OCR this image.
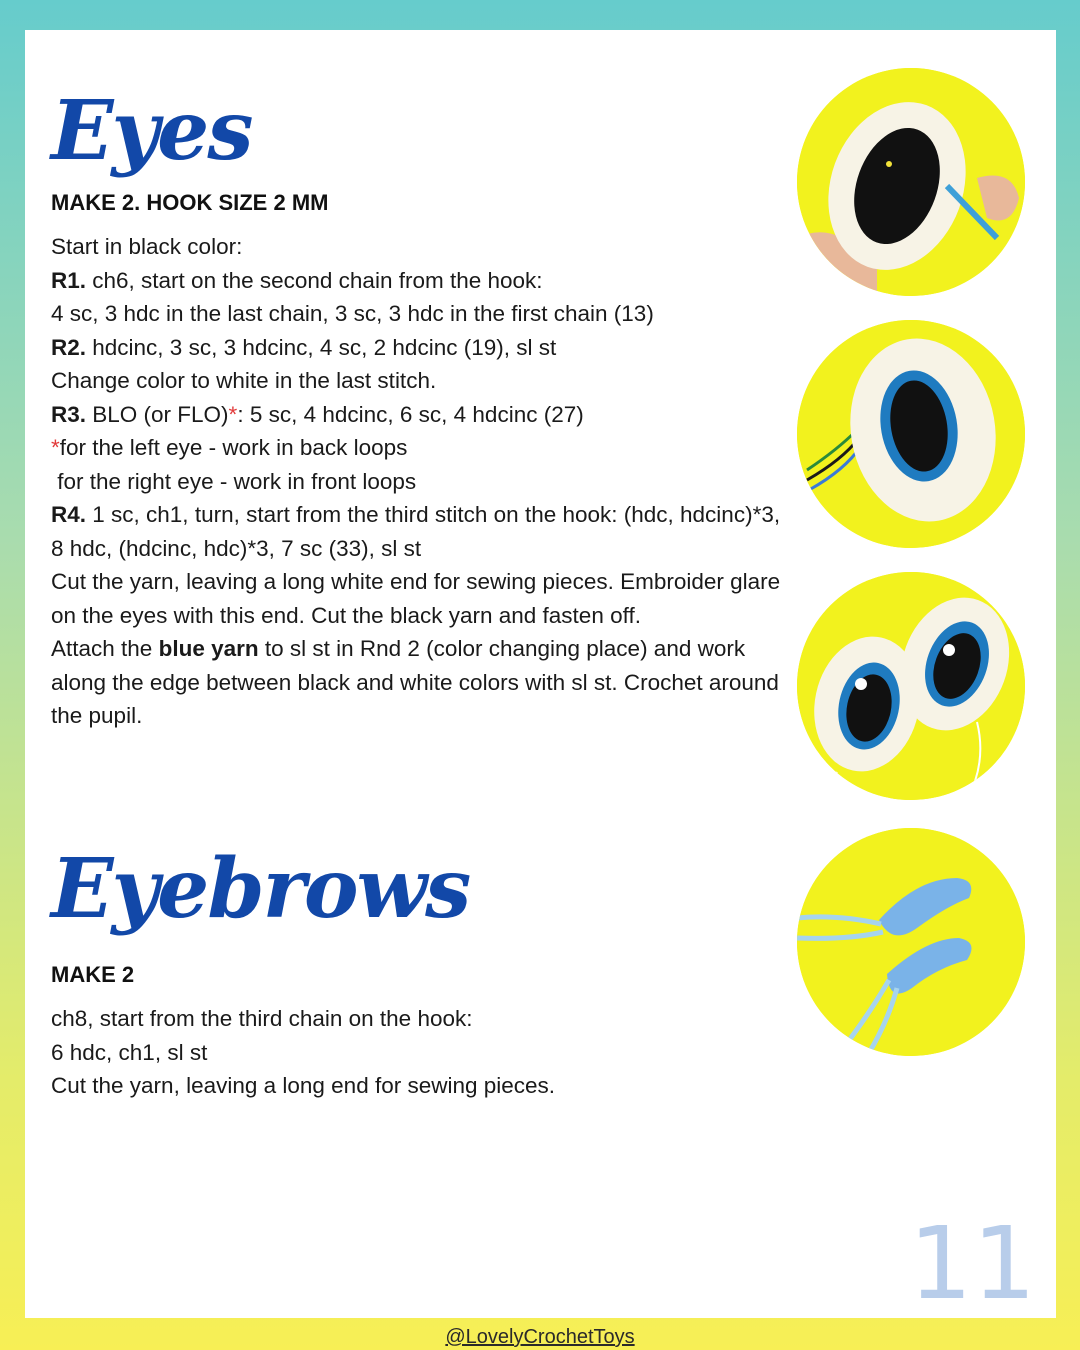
Eyes
MAKE 2. HOOK SIZE 2 MM
Start in black color:
R1. ch6, start on the second chain from the hook:
4 sc, 3 hdc in the last chain, 3 sc, 3 hdc in the first chain (13)
R2. hdcinc, 3 sc, 3 hdcinc, 4 sc, 2 hdcinc (19), sl st
Change color to white in the last stitch.
R3. BLO (or FLO)*: 5 sc, 4 hdcinc, 6 sc, 4 hdcinc (27)
*for the left eye - work in back loops
for the right eye - work in front loops
R4. 1 sc, ch1, turn, start from the third stitch on the hook: (hdc, hdcinc)*3, 8 hdc, (hdcinc, hdc)*3, 7 sc (33), sl st
Cut the yarn, leaving a long white end for sewing pieces. Embroider glare on the eyes with this end. Cut the black yarn and fasten off.
Attach the blue yarn to sl st in Rnd 2 (color changing place) and work along the edge between black and white colors with sl st. Crochet around the pupil.
Eyebrows
MAKE 2
ch8, start from the third chain on the hook:
6 hdc, ch1, sl st
Cut the yarn, leaving a long end for sewing pieces.
11
@LovelyCrochetToys
